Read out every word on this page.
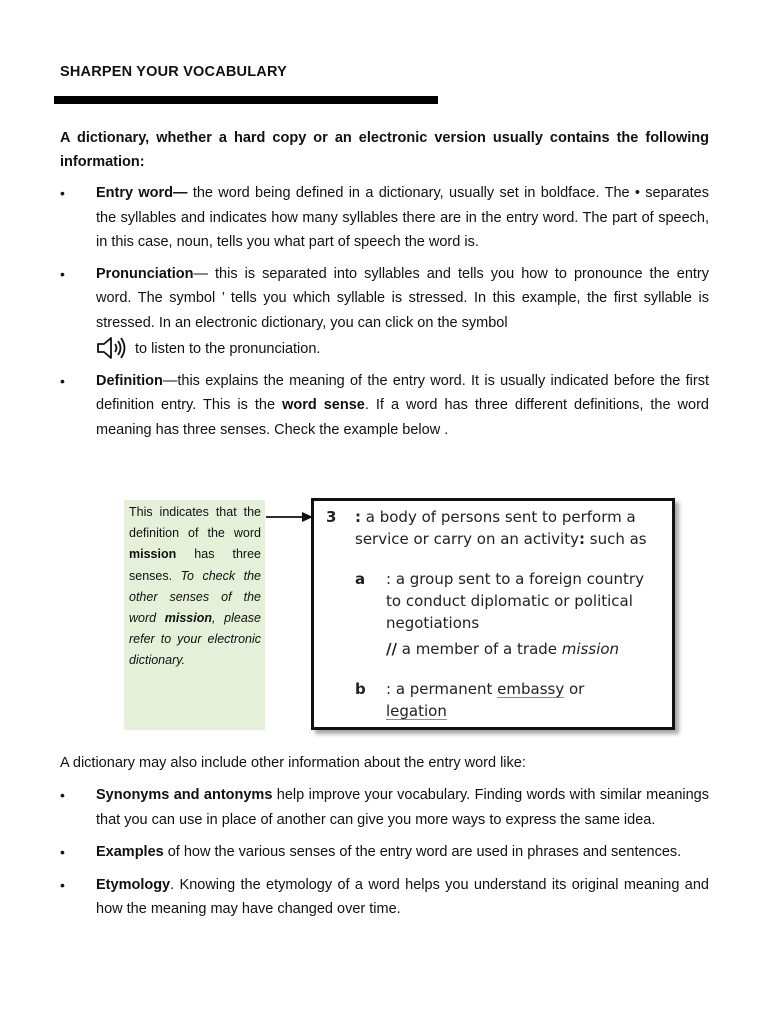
SHARPEN YOUR VOCABULARY
A dictionary, whether a hard copy or an electronic version usually contains the following information:
• Entry word— the word being defined in a dictionary, usually set in boldface. The • separates the syllables and indicates how many syllables there are in the entry word. The part of speech, in this case, noun, tells you what part of speech the word is.
• Pronunciation— this is separated into syllables and tells you how to pronounce the entry word. The symbol ’ tells you which syllable is stressed. In this example, the first syllable is stressed. In an electronic dictionary, you can click on the symbol
to listen to the pronunciation.
• Definition—this explains the meaning of the entry word. It is usually indicated before the first definition entry. This is the word sense. If a word has three different definitions, the word meaning has three senses. Check the example below .
This indicates that the definition of the word mission has three senses. To check the other senses of the word mission, please refer to your electronic dictionary.
3 : a body of persons sent to perform a
service or carry on an activity: such as
a : a group sent to a foreign country
to conduct diplomatic or political
negotiations
// a member of a trade mission
b : a permanent embassy or
legation
A dictionary may also include other information about the entry word like:
• Synonyms and antonyms help improve your vocabulary. Finding words with similar meanings that you can use in place of another can give you more ways to express the same idea.
• Examples of how the various senses of the entry word are used in phrases and sentences.
• Etymology. Knowing the etymology of a word helps you understand its original meaning and how the meaning may have changed over time.
